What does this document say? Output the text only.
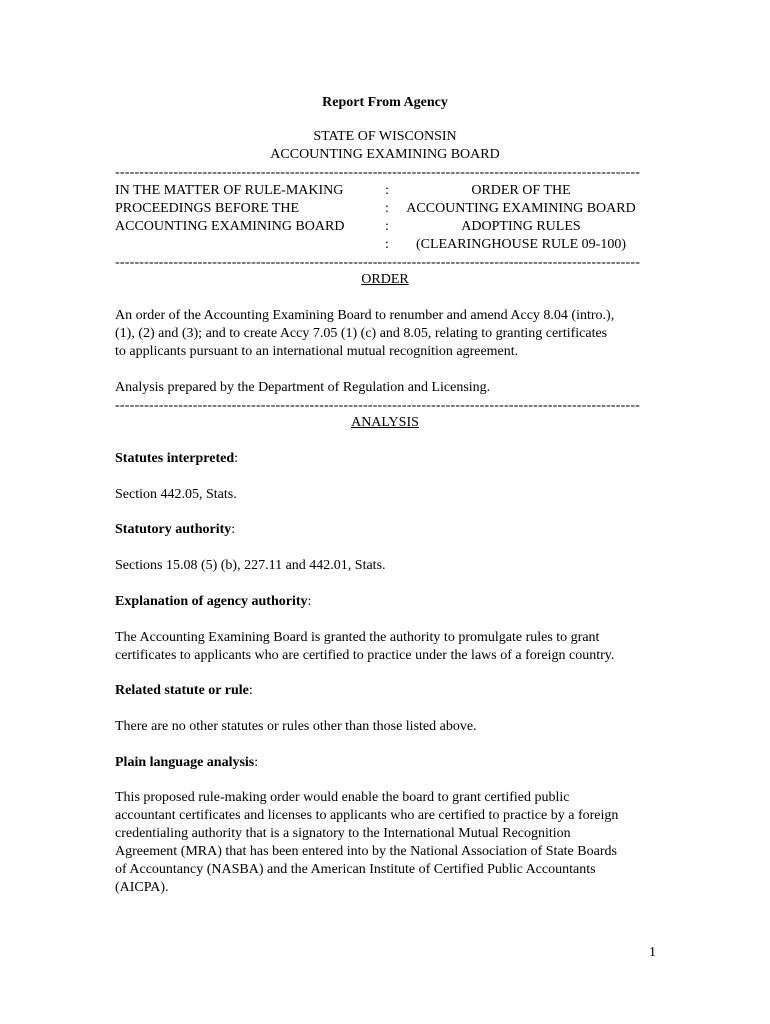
Report From Agency
STATE OF WISCONSIN
ACCOUNTING EXAMINING BOARD
------------------------------------------------------------------------------------------------------------
IN THE MATTER OF RULE-MAKING
PROCEEDINGS BEFORE THE
ACCOUNTING EXAMINING BOARD
:
:
:
:
ORDER OF THE
ACCOUNTING EXAMINING BOARD
ADOPTING RULES
(CLEARINGHOUSE RULE 09-100)
------------------------------------------------------------------------------------------------------------
ORDER
An order of the Accounting Examining Board to renumber and amend Accy 8.04 (intro.),
(1), (2) and (3); and to create Accy 7.05 (1) (c) and 8.05, relating to granting certificates
to applicants pursuant to an international mutual recognition agreement.
Analysis prepared by the Department of Regulation and Licensing.
------------------------------------------------------------------------------------------------------------
ANALYSIS
Statutes interpreted:
Section 442.05, Stats.
Statutory authority:
Sections 15.08 (5) (b), 227.11 and 442.01, Stats.
Explanation of agency authority:
The Accounting Examining Board is granted the authority to promulgate rules to grant
certificates to applicants who are certified to practice under the laws of a foreign country.
Related statute or rule:
There are no other statutes or rules other than those listed above.
Plain language analysis:
This proposed rule-making order would enable the board to grant certified public
accountant certificates and licenses to applicants who are certified to practice by a foreign
credentialing authority that is a signatory to the International Mutual Recognition
Agreement (MRA) that has been entered into by the National Association of State Boards
of Accountancy (NASBA) and the American Institute of Certified Public Accountants
(AICPA).
1
